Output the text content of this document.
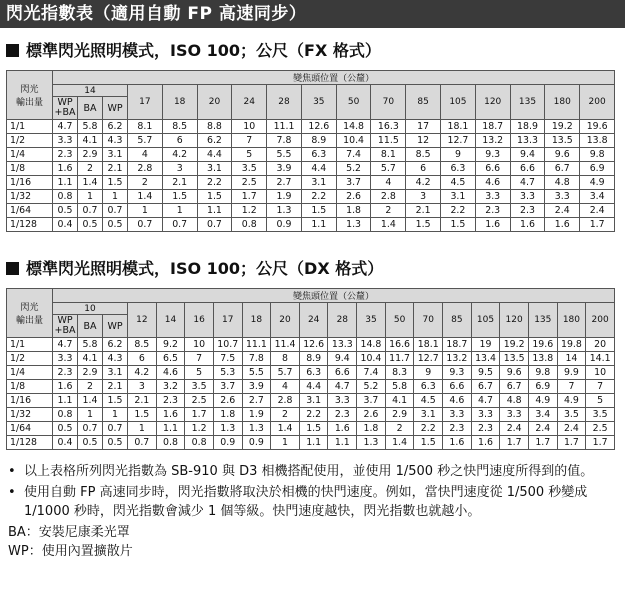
閃光指數表（適用自動 FP 高速同步）
標準閃光照明模式，ISO 100；公尺（FX 格式）
閃光
輸出量	變焦頭位置（公釐）																
	14			17	18	20	24	28	35	50	70	85	105	120	135	180	200
	WP
+BA	BA	WP														
1/1	4.7	5.8	6.2	8.1	8.5	8.8	10	11.1	12.6	14.8	16.3	17	18.1	18.7	18.9	19.2	19.6
1/2	3.3	4.1	4.3	5.7	6	6.2	7	7.8	8.9	10.4	11.5	12	12.7	13.2	13.3	13.5	13.8
1/4	2.3	2.9	3.1	4	4.2	4.4	5	5.5	6.3	7.4	8.1	8.5	9	9.3	9.4	9.6	9.8
1/8	1.6	2	2.1	2.8	3	3.1	3.5	3.9	4.4	5.2	5.7	6	6.3	6.6	6.6	6.7	6.9
1/16	1.1	1.4	1.5	2	2.1	2.2	2.5	2.7	3.1	3.7	4	4.2	4.5	4.6	4.7	4.8	4.9
1/32	0.8	1	1	1.4	1.5	1.5	1.7	1.9	2.2	2.6	2.8	3	3.1	3.3	3.3	3.3	3.4
1/64	0.5	0.7	0.7	1	1	1.1	1.2	1.3	1.5	1.8	2	2.1	2.2	2.3	2.3	2.4	2.4
1/128	0.4	0.5	0.5	0.7	0.7	0.7	0.8	0.9	1.1	1.3	1.4	1.5	1.5	1.6	1.6	1.6	1.7
標準閃光照明模式，ISO 100；公尺（DX 格式）
閃光
輸出量	變焦頭位置（公釐）																			
	10			12	14	16	17	18	20	24	28	35	50	70	85	105	120	135	180	200
	WP
+BA	BA	WP																	
1/1	4.7	5.8	6.2	8.5	9.2	10	10.7	11.1	11.4	12.6	13.3	14.8	16.6	18.1	18.7	19	19.2	19.6	19.8	20
1/2	3.3	4.1	4.3	6	6.5	7	7.5	7.8	8	8.9	9.4	10.4	11.7	12.7	13.2	13.4	13.5	13.8	14	14.1
1/4	2.3	2.9	3.1	4.2	4.6	5	5.3	5.5	5.7	6.3	6.6	7.4	8.3	9	9.3	9.5	9.6	9.8	9.9	10
1/8	1.6	2	2.1	3	3.2	3.5	3.7	3.9	4	4.4	4.7	5.2	5.8	6.3	6.6	6.7	6.7	6.9	7	7
1/16	1.1	1.4	1.5	2.1	2.3	2.5	2.6	2.7	2.8	3.1	3.3	3.7	4.1	4.5	4.6	4.7	4.8	4.9	4.9	5
1/32	0.8	1	1	1.5	1.6	1.7	1.8	1.9	2	2.2	2.3	2.6	2.9	3.1	3.3	3.3	3.3	3.4	3.5	3.5
1/64	0.5	0.7	0.7	1	1.1	1.2	1.3	1.3	1.4	1.5	1.6	1.8	2	2.2	2.3	2.3	2.4	2.4	2.4	2.5
1/128	0.4	0.5	0.5	0.7	0.8	0.8	0.9	0.9	1	1.1	1.1	1.3	1.4	1.5	1.6	1.6	1.7	1.7	1.7	1.7
• 以上表格所列閃光指數為 SB-910 與 D3 相機搭配使用，並使用 1/500 秒之快門速度所得到的值。
• 使用自動 FP 高速同步時，閃光指數將取決於相機的快門速度。例如，當快門速度從 1/500 秒變成 1/1000 秒時，閃光指數會減少 1 個等級。快門速度越快，閃光指數也就越小。
BA：安裝尼康柔光罩
WP：使用內置擴散片
